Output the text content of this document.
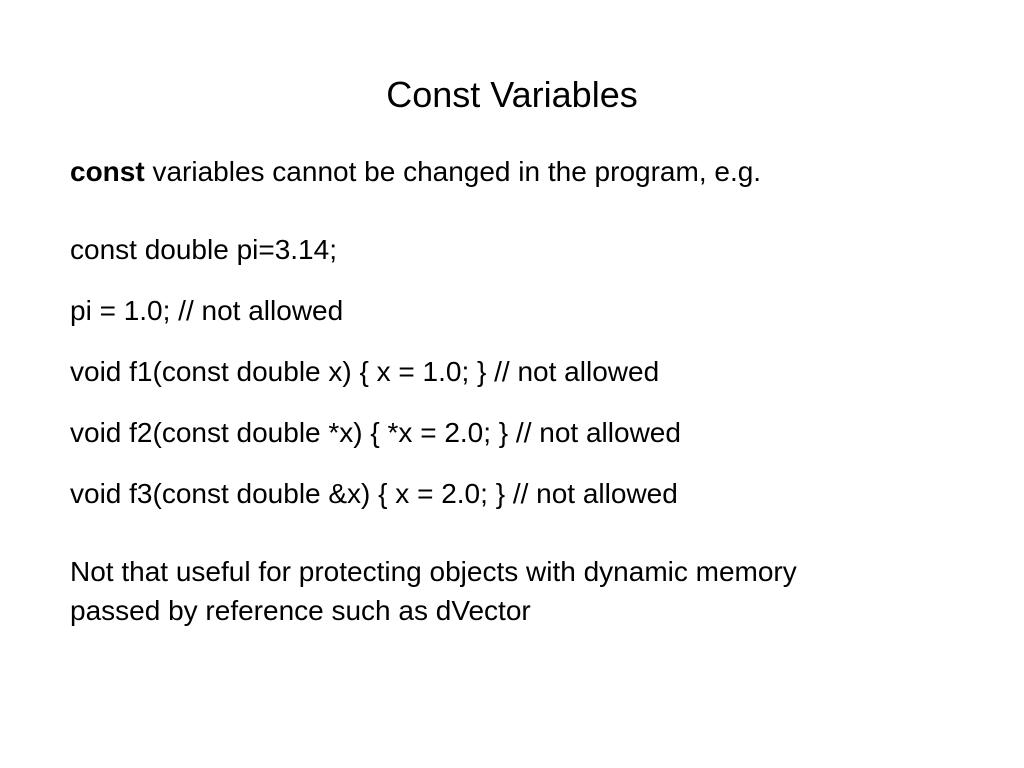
Const Variables
const variables cannot be changed in the program, e.g.
const double pi=3.14;
pi = 1.0; // not allowed
void f1(const double x) { x = 1.0; } // not allowed
void f2(const double *x) { *x = 2.0; } // not allowed
void f3(const double &x) { x = 2.0; } // not allowed
Not that useful for protecting objects with dynamic memory
passed by reference such as dVector
